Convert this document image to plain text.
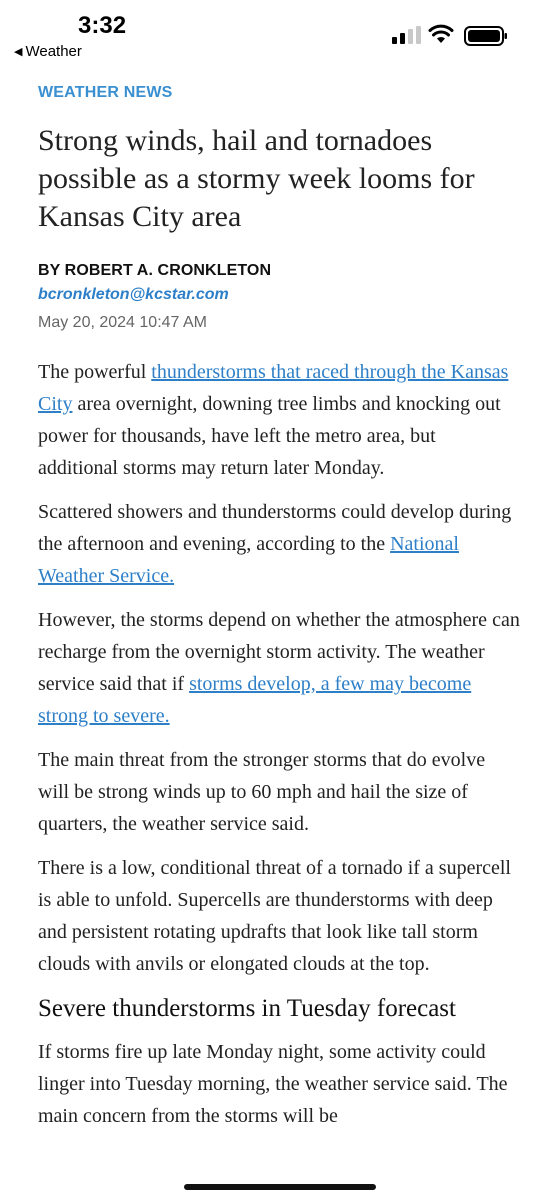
3:32
◀ Weather
WEATHER NEWS
Strong winds, hail and tornadoes possible as a stormy week looms for Kansas City area
BY ROBERT A. CRONKLETON
bcronkleton@kcstar.com
May 20, 2024 10:47 AM

The powerful thunderstorms that raced through the Kansas City area overnight, downing tree limbs and knocking out power for thousands, have left the metro area, but additional storms may return later Monday.

Scattered showers and thunderstorms could develop during the afternoon and evening, according to the National Weather Service.

However, the storms depend on whether the atmosphere can recharge from the overnight storm activity. The weather service said that if storms develop, a few may become strong to severe.

The main threat from the stronger storms that do evolve will be strong winds up to 60 mph and hail the size of quarters, the weather service said.

There is a low, conditional threat of a tornado if a supercell is able to unfold. Supercells are thunderstorms with deep and persistent rotating updrafts that look like tall storm clouds with anvils or elongated clouds at the top.

Severe thunderstorms in Tuesday forecast

If storms fire up late Monday night, some activity could linger into Tuesday morning, the weather service said. The main concern from the storms will be
